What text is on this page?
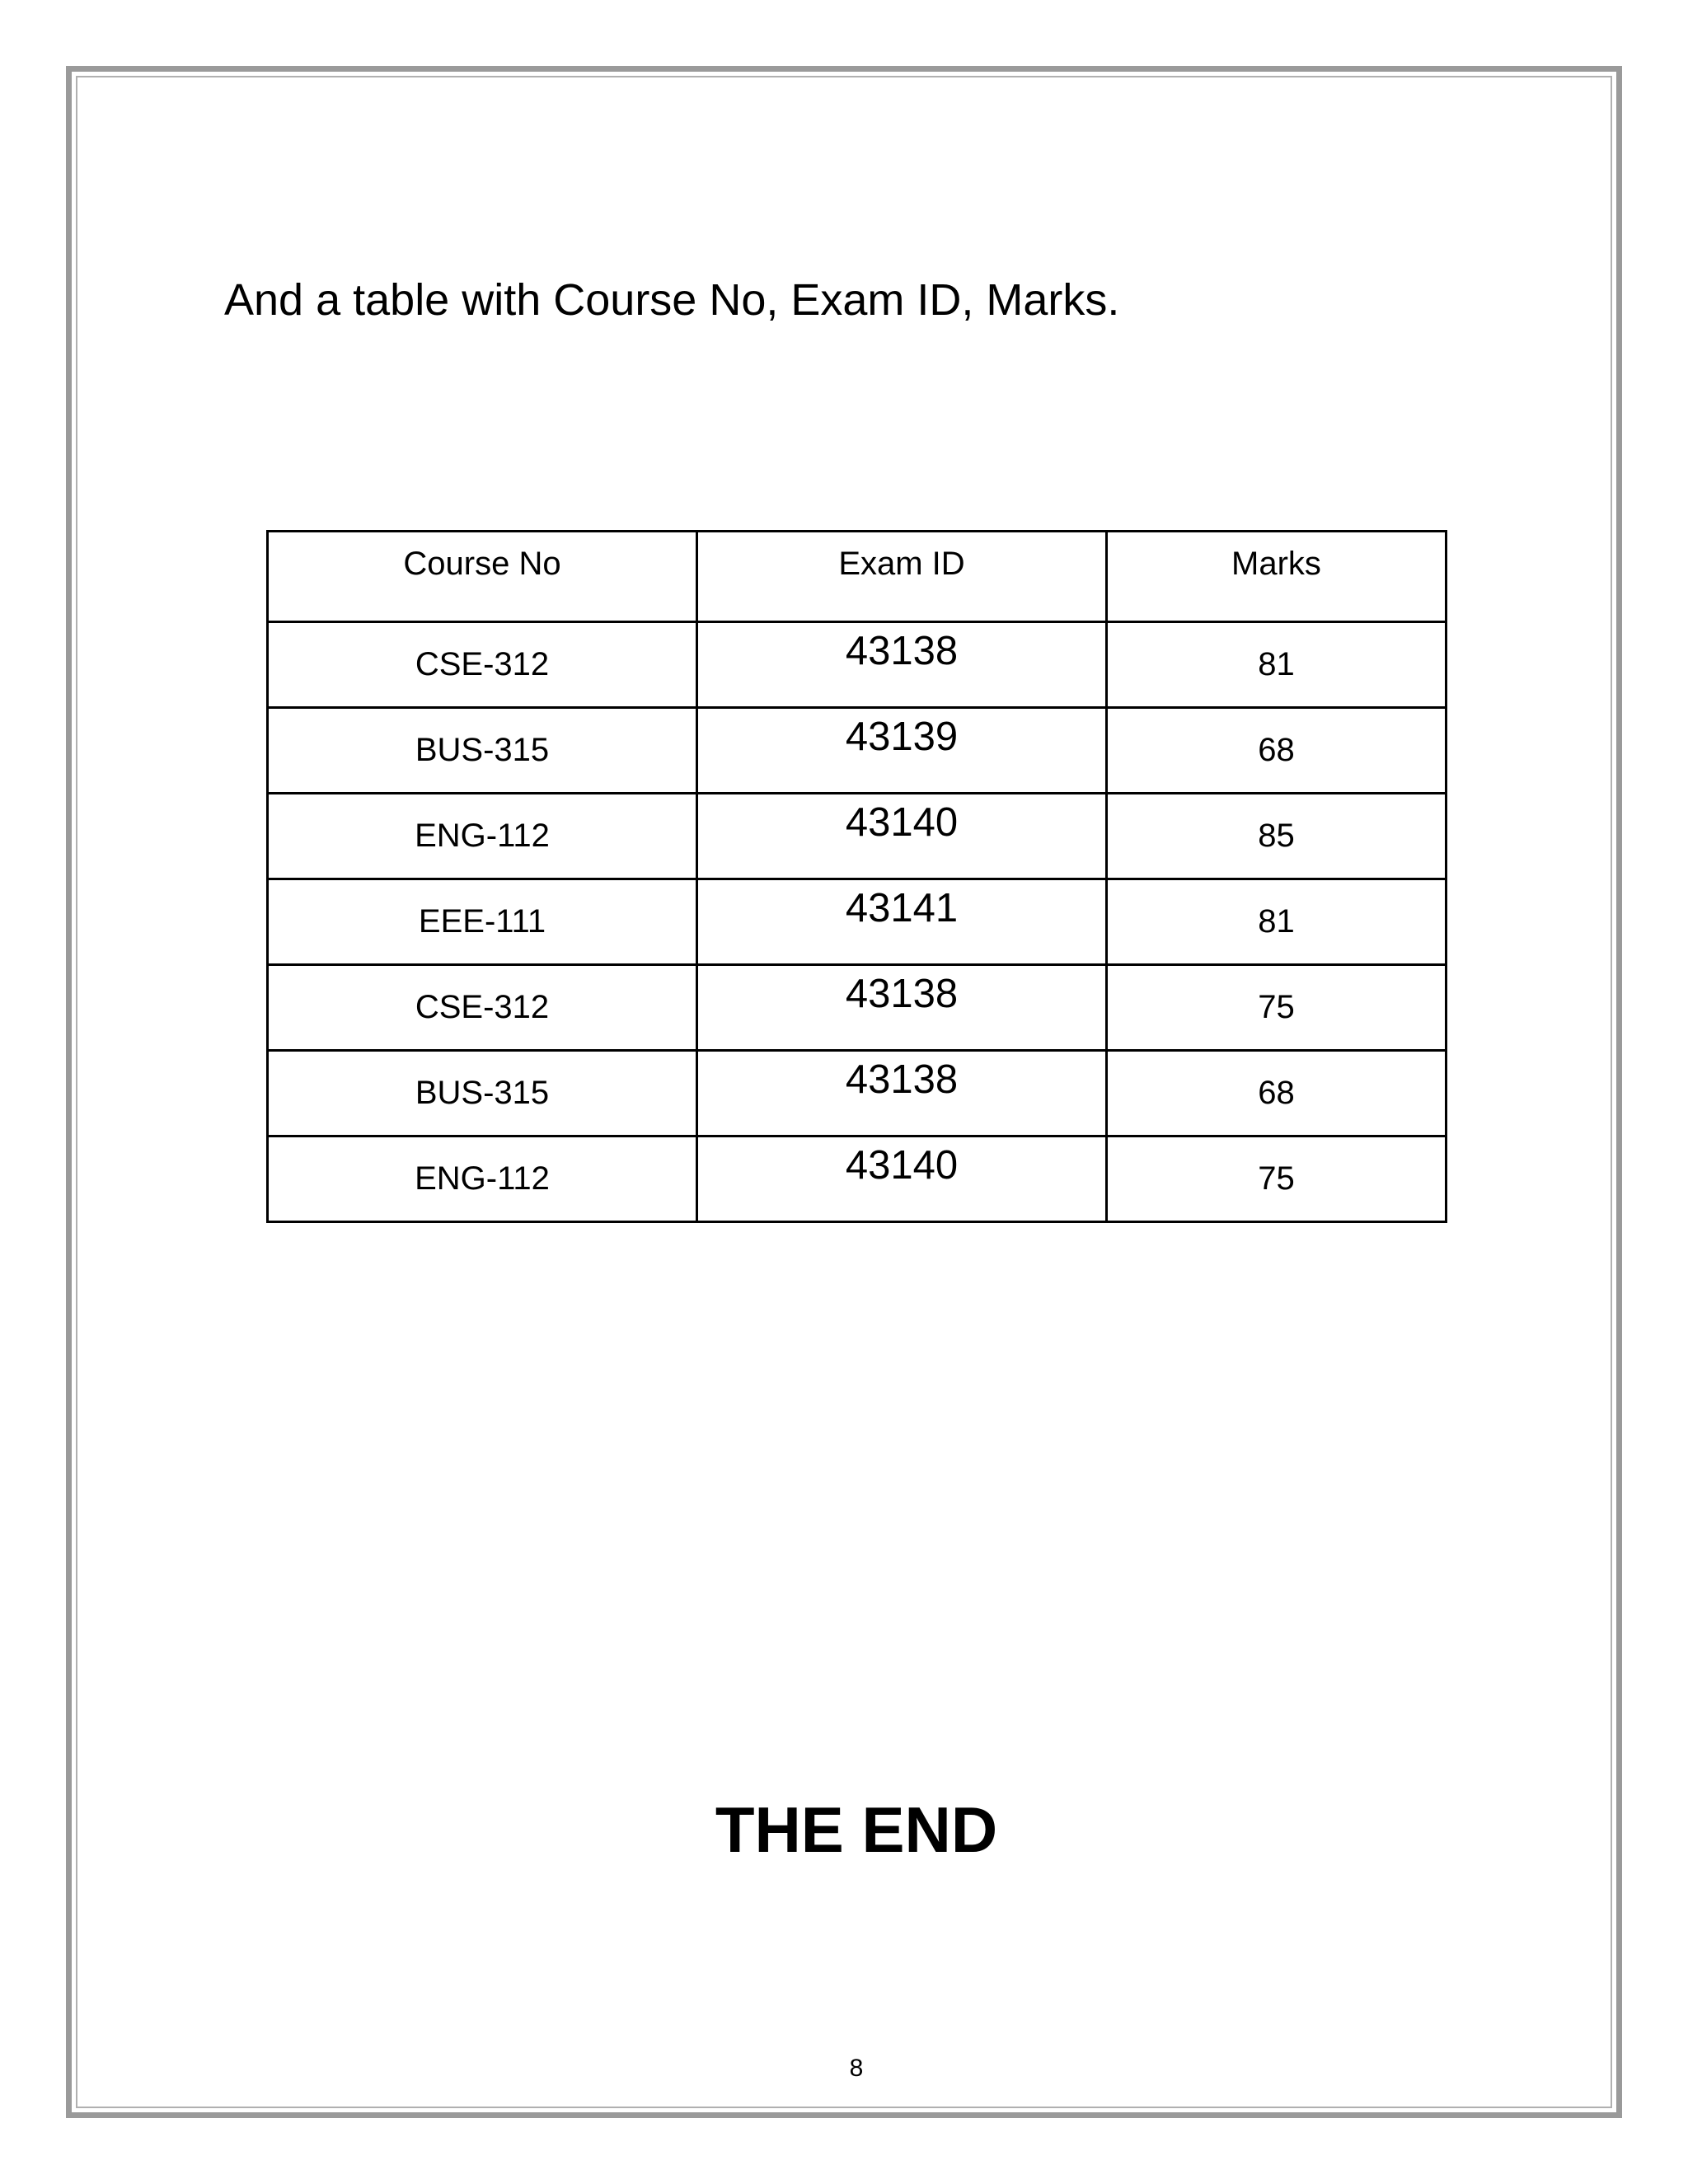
And a table with Course No, Exam ID, Marks.
Course No	Exam ID	Marks
CSE-312	43138	81
BUS-315	43139	68
ENG-112	43140	85
EEE-111	43141	81
CSE-312	43138	75
BUS-315	43138	68
ENG-112	43140	75
THE END
8
